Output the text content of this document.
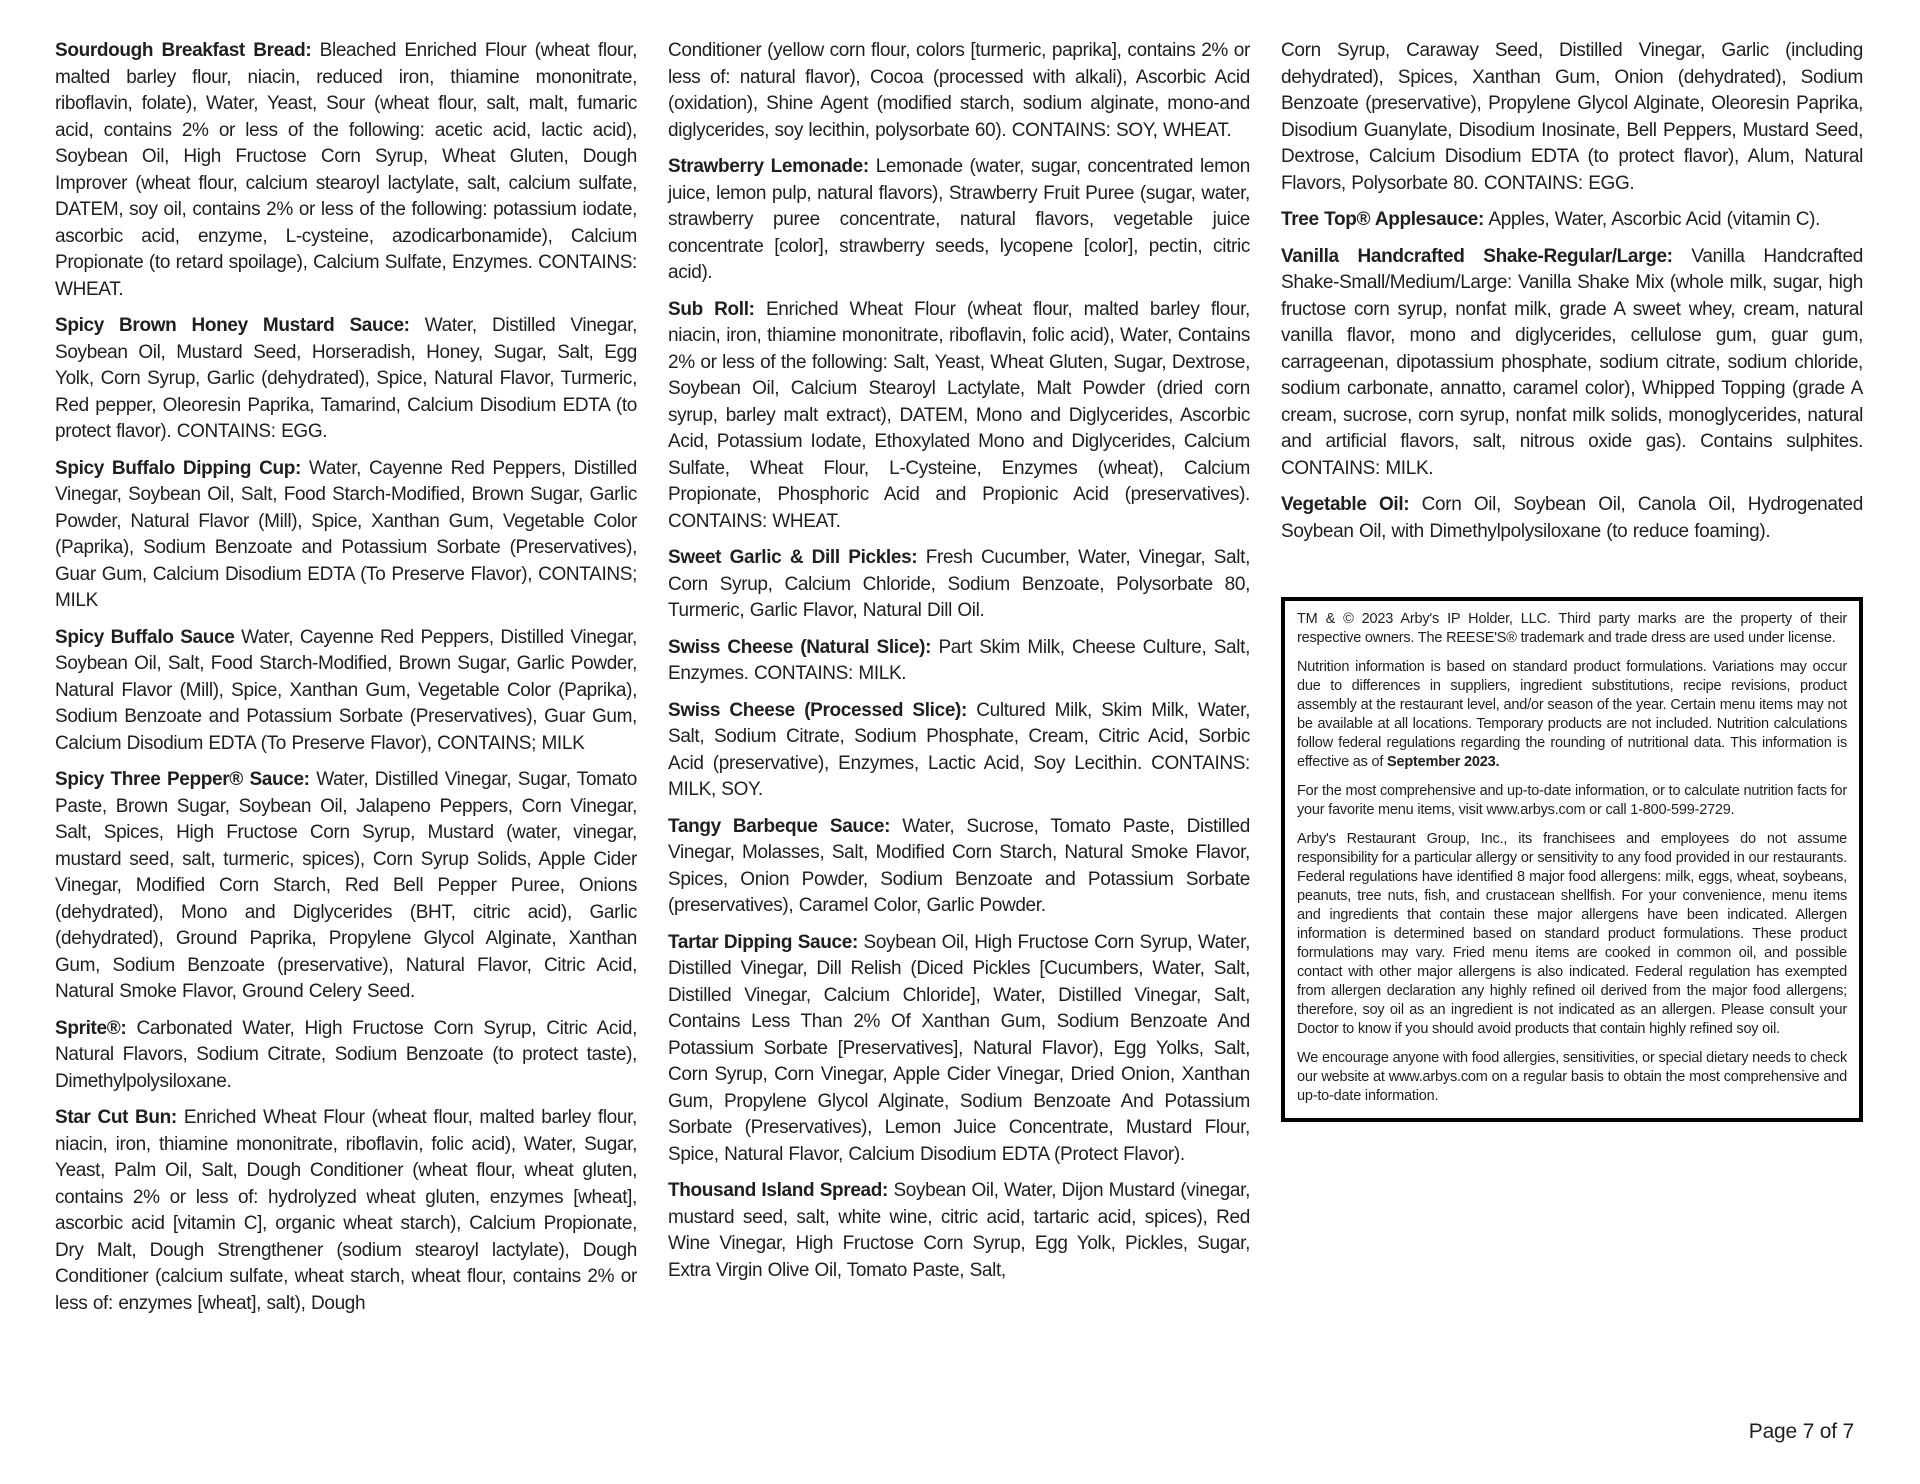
Sourdough Breakfast Bread: Bleached Enriched Flour (wheat flour, malted barley flour, niacin, reduced iron, thiamine mononitrate, riboflavin, folate), Water, Yeast, Sour (wheat flour, salt, malt, fumaric acid, contains 2% or less of the following: acetic acid, lactic acid), Soybean Oil, High Fructose Corn Syrup, Wheat Gluten, Dough Improver (wheat flour, calcium stearoyl lactylate, salt, calcium sulfate, DATEM, soy oil, contains 2% or less of the following: potassium iodate, ascorbic acid, enzyme, L-cysteine, azodicarbonamide), Calcium Propionate (to retard spoilage), Calcium Sulfate, Enzymes. CONTAINS: WHEAT.

Spicy Brown Honey Mustard Sauce: Water, Distilled Vinegar, Soybean Oil, Mustard Seed, Horseradish, Honey, Sugar, Salt, Egg Yolk, Corn Syrup, Garlic (dehydrated), Spice, Natural Flavor, Turmeric, Red pepper, Oleoresin Paprika, Tamarind, Calcium Disodium EDTA (to protect flavor). CONTAINS: EGG.

Spicy Buffalo Dipping Cup: Water, Cayenne Red Peppers, Distilled Vinegar, Soybean Oil, Salt, Food Starch-Modified, Brown Sugar, Garlic Powder, Natural Flavor (Mill), Spice, Xanthan Gum, Vegetable Color (Paprika), Sodium Benzoate and Potassium Sorbate (Preservatives), Guar Gum, Calcium Disodium EDTA (To Preserve Flavor), CONTAINS; MILK

Spicy Buffalo Sauce Water, Cayenne Red Peppers, Distilled Vinegar, Soybean Oil, Salt, Food Starch-Modified, Brown Sugar, Garlic Powder, Natural Flavor (Mill), Spice, Xanthan Gum, Vegetable Color (Paprika), Sodium Benzoate and Potassium Sorbate (Preservatives), Guar Gum, Calcium Disodium EDTA (To Preserve Flavor), CONTAINS; MILK

Spicy Three Pepper® Sauce: Water, Distilled Vinegar, Sugar, Tomato Paste, Brown Sugar, Soybean Oil, Jalapeno Peppers, Corn Vinegar, Salt, Spices, High Fructose Corn Syrup, Mustard (water, vinegar, mustard seed, salt, turmeric, spices), Corn Syrup Solids, Apple Cider Vinegar, Modified Corn Starch, Red Bell Pepper Puree, Onions (dehydrated), Mono and Diglycerides (BHT, citric acid), Garlic (dehydrated), Ground Paprika, Propylene Glycol Alginate, Xanthan Gum, Sodium Benzoate (preservative), Natural Flavor, Citric Acid, Natural Smoke Flavor, Ground Celery Seed.

Sprite®: Carbonated Water, High Fructose Corn Syrup, Citric Acid, Natural Flavors, Sodium Citrate, Sodium Benzoate (to protect taste), Dimethylpolysiloxane.

Star Cut Bun: Enriched Wheat Flour (wheat flour, malted barley flour, niacin, iron, thiamine mononitrate, riboflavin, folic acid), Water, Sugar, Yeast, Palm Oil, Salt, Dough Conditioner (wheat flour, wheat gluten, contains 2% or less of: hydrolyzed wheat gluten, enzymes [wheat], ascorbic acid [vitamin C], organic wheat starch), Calcium Propionate, Dry Malt, Dough Strengthener (sodium stearoyl lactylate), Dough Conditioner (calcium sulfate, wheat starch, wheat flour, contains 2% or less of: enzymes [wheat], salt), Dough

Conditioner (yellow corn flour, colors [turmeric, paprika], contains 2% or less of: natural flavor), Cocoa (processed with alkali), Ascorbic Acid (oxidation), Shine Agent (modified starch, sodium alginate, mono-and diglycerides, soy lecithin, polysorbate 60). CONTAINS: SOY, WHEAT.

Strawberry Lemonade: Lemonade (water, sugar, concentrated lemon juice, lemon pulp, natural flavors), Strawberry Fruit Puree (sugar, water, strawberry puree concentrate, natural flavors, vegetable juice concentrate [color], strawberry seeds, lycopene [color], pectin, citric acid).

Sub Roll: Enriched Wheat Flour (wheat flour, malted barley flour, niacin, iron, thiamine mononitrate, riboflavin, folic acid), Water, Contains 2% or less of the following: Salt, Yeast, Wheat Gluten, Sugar, Dextrose, Soybean Oil, Calcium Stearoyl Lactylate, Malt Powder (dried corn syrup, barley malt extract), DATEM, Mono and Diglycerides, Ascorbic Acid, Potassium Iodate, Ethoxylated Mono and Diglycerides, Calcium Sulfate, Wheat Flour, L-Cysteine, Enzymes (wheat), Calcium Propionate, Phosphoric Acid and Propionic Acid (preservatives). CONTAINS: WHEAT.

Sweet Garlic & Dill Pickles: Fresh Cucumber, Water, Vinegar, Salt, Corn Syrup, Calcium Chloride, Sodium Benzoate, Polysorbate 80, Turmeric, Garlic Flavor, Natural Dill Oil.

Swiss Cheese (Natural Slice): Part Skim Milk, Cheese Culture, Salt, Enzymes. CONTAINS: MILK.

Swiss Cheese (Processed Slice): Cultured Milk, Skim Milk, Water, Salt, Sodium Citrate, Sodium Phosphate, Cream, Citric Acid, Sorbic Acid (preservative), Enzymes, Lactic Acid, Soy Lecithin. CONTAINS: MILK, SOY.

Tangy Barbeque Sauce: Water, Sucrose, Tomato Paste, Distilled Vinegar, Molasses, Salt, Modified Corn Starch, Natural Smoke Flavor, Spices, Onion Powder, Sodium Benzoate and Potassium Sorbate (preservatives), Caramel Color, Garlic Powder.

Tartar Dipping Sauce: Soybean Oil, High Fructose Corn Syrup, Water, Distilled Vinegar, Dill Relish (Diced Pickles [Cucumbers, Water, Salt, Distilled Vinegar, Calcium Chloride], Water, Distilled Vinegar, Salt, Contains Less Than 2% Of Xanthan Gum, Sodium Benzoate And Potassium Sorbate [Preservatives], Natural Flavor), Egg Yolks, Salt, Corn Syrup, Corn Vinegar, Apple Cider Vinegar, Dried Onion, Xanthan Gum, Propylene Glycol Alginate, Sodium Benzoate And Potassium Sorbate (Preservatives), Lemon Juice Concentrate, Mustard Flour, Spice, Natural Flavor, Calcium Disodium EDTA (Protect Flavor).

Thousand Island Spread: Soybean Oil, Water, Dijon Mustard (vinegar, mustard seed, salt, white wine, citric acid, tartaric acid, spices), Red Wine Vinegar, High Fructose Corn Syrup, Egg Yolk, Pickles, Sugar, Extra Virgin Olive Oil, Tomato Paste, Salt,

Corn Syrup, Caraway Seed, Distilled Vinegar, Garlic (including dehydrated), Spices, Xanthan Gum, Onion (dehydrated), Sodium Benzoate (preservative), Propylene Glycol Alginate, Oleoresin Paprika, Disodium Guanylate, Disodium Inosinate, Bell Peppers, Mustard Seed, Dextrose, Calcium Disodium EDTA (to protect flavor), Alum, Natural Flavors, Polysorbate 80. CONTAINS: EGG.

Tree Top® Applesauce: Apples, Water, Ascorbic Acid (vitamin C).

Vanilla Handcrafted Shake-Regular/Large: Vanilla Handcrafted Shake-Small/Medium/Large: Vanilla Shake Mix (whole milk, sugar, high fructose corn syrup, nonfat milk, grade A sweet whey, cream, natural vanilla flavor, mono and diglycerides, cellulose gum, guar gum, carrageenan, dipotassium phosphate, sodium citrate, sodium chloride, sodium carbonate, annatto, caramel color), Whipped Topping (grade A cream, sucrose, corn syrup, nonfat milk solids, monoglycerides, natural and artificial flavors, salt, nitrous oxide gas). Contains sulphites. CONTAINS: MILK.

Vegetable Oil: Corn Oil, Soybean Oil, Canola Oil, Hydrogenated Soybean Oil, with Dimethylpolysiloxane (to reduce foaming).

TM & © 2023 Arby's IP Holder, LLC. Third party marks are the property of their respective owners. The REESE'S® trademark and trade dress are used under license.

Nutrition information is based on standard product formulations. Variations may occur due to differences in suppliers, ingredient substitutions, recipe revisions, product assembly at the restaurant level, and/or season of the year. Certain menu items may not be available at all locations. Temporary products are not included. Nutrition calculations follow federal regulations regarding the rounding of nutritional data. This information is effective as of September 2023.

For the most comprehensive and up-to-date information, or to calculate nutrition facts for your favorite menu items, visit www.arbys.com or call 1-800-599-2729.

Arby's Restaurant Group, Inc., its franchisees and employees do not assume responsibility for a particular allergy or sensitivity to any food provided in our restaurants. Federal regulations have identified 8 major food allergens: milk, eggs, wheat, soybeans, peanuts, tree nuts, fish, and crustacean shellfish. For your convenience, menu items and ingredients that contain these major allergens have been indicated. Allergen information is determined based on standard product formulations. These product formulations may vary. Fried menu items are cooked in common oil, and possible contact with other major allergens is also indicated. Federal regulation has exempted from allergen declaration any highly refined oil derived from the major food allergens; therefore, soy oil as an ingredient is not indicated as an allergen. Please consult your Doctor to know if you should avoid products that contain highly refined soy oil.

We encourage anyone with food allergies, sensitivities, or special dietary needs to check our website at www.arbys.com on a regular basis to obtain the most comprehensive and up-to-date information.

Page 7 of 7
